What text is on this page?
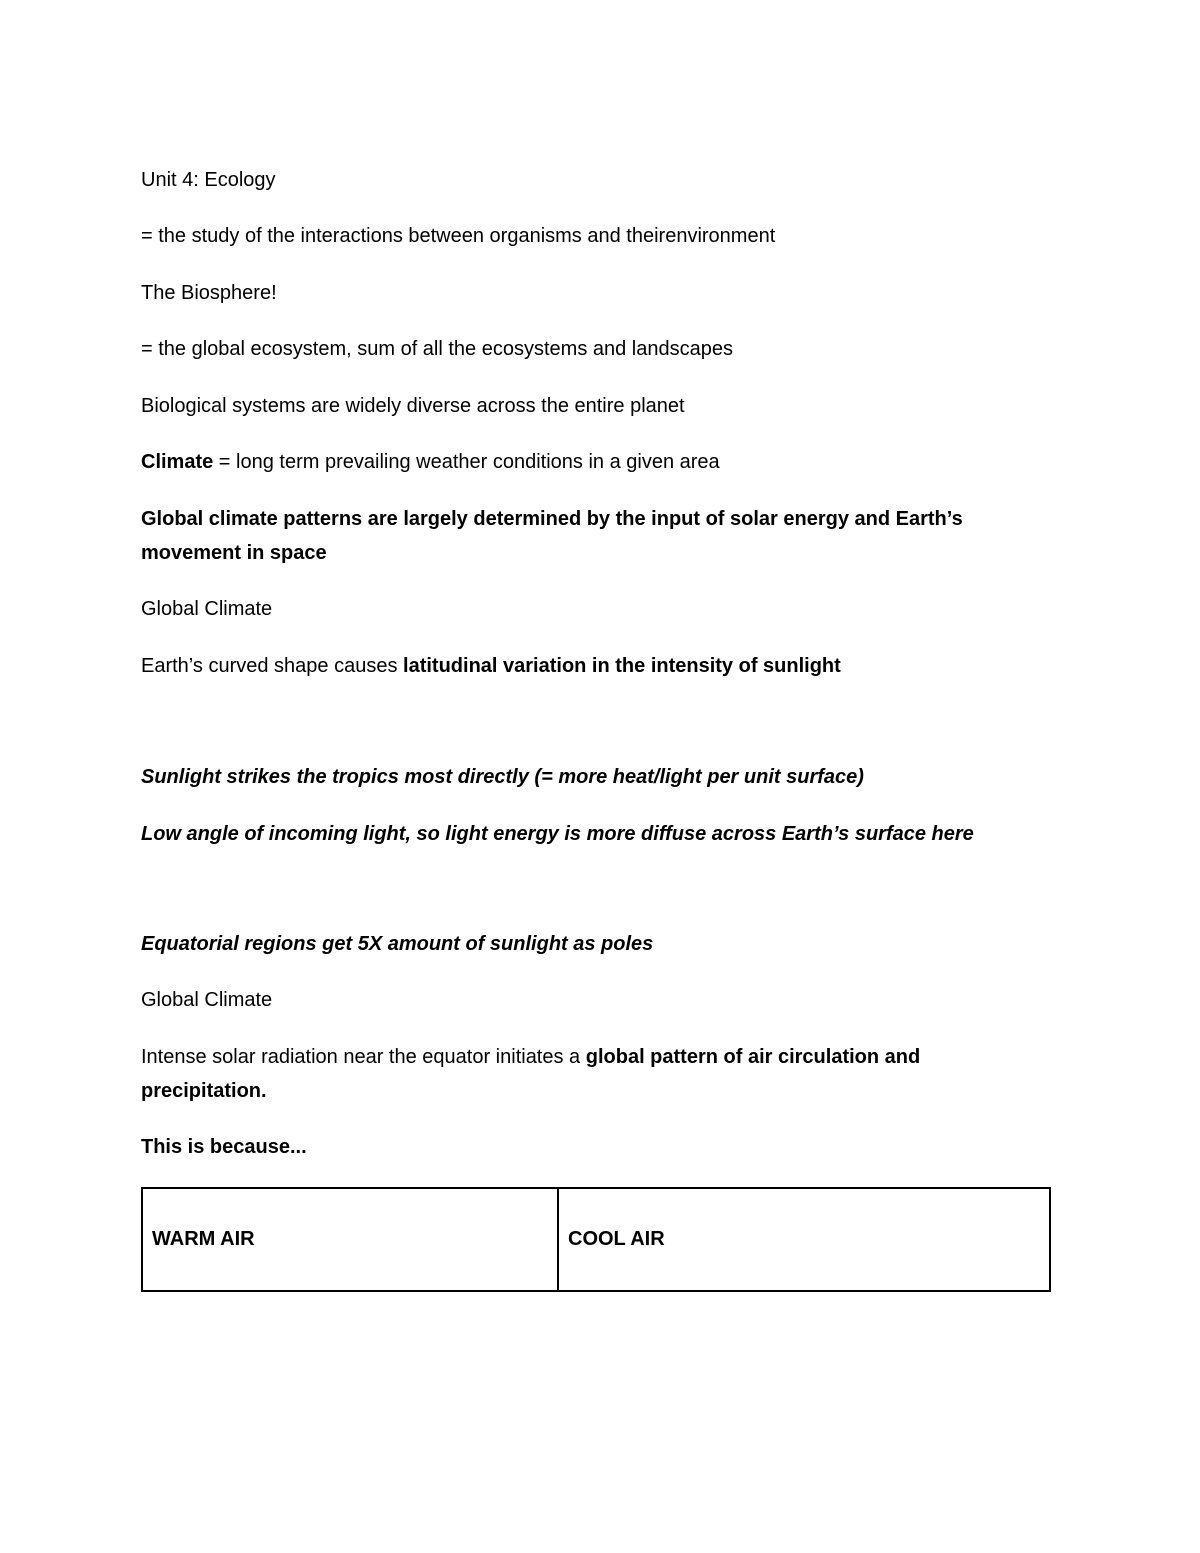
Unit 4: Ecology
= the study of the interactions between organisms and theirenvironment
The Biosphere!
= the global ecosystem, sum of all the ecosystems and landscapes
Biological systems are widely diverse across the entire planet
Climate = long term prevailing weather conditions in a given area
Global climate patterns are largely determined by the input of solar energy and Earth’s movement in space
Global Climate
Earth’s curved shape causes latitudinal variation in the intensity of sunlight
Sunlight strikes the tropics most directly (= more heat/light per unit surface)
Low angle of incoming light, so light energy is more diffuse across Earth’s surface here
Equatorial regions get 5X amount of sunlight as poles
Global Climate
Intense solar radiation near the equator initiates a global pattern of air circulation and precipitation.
This is because...
WARM AIR	COOL AIR
